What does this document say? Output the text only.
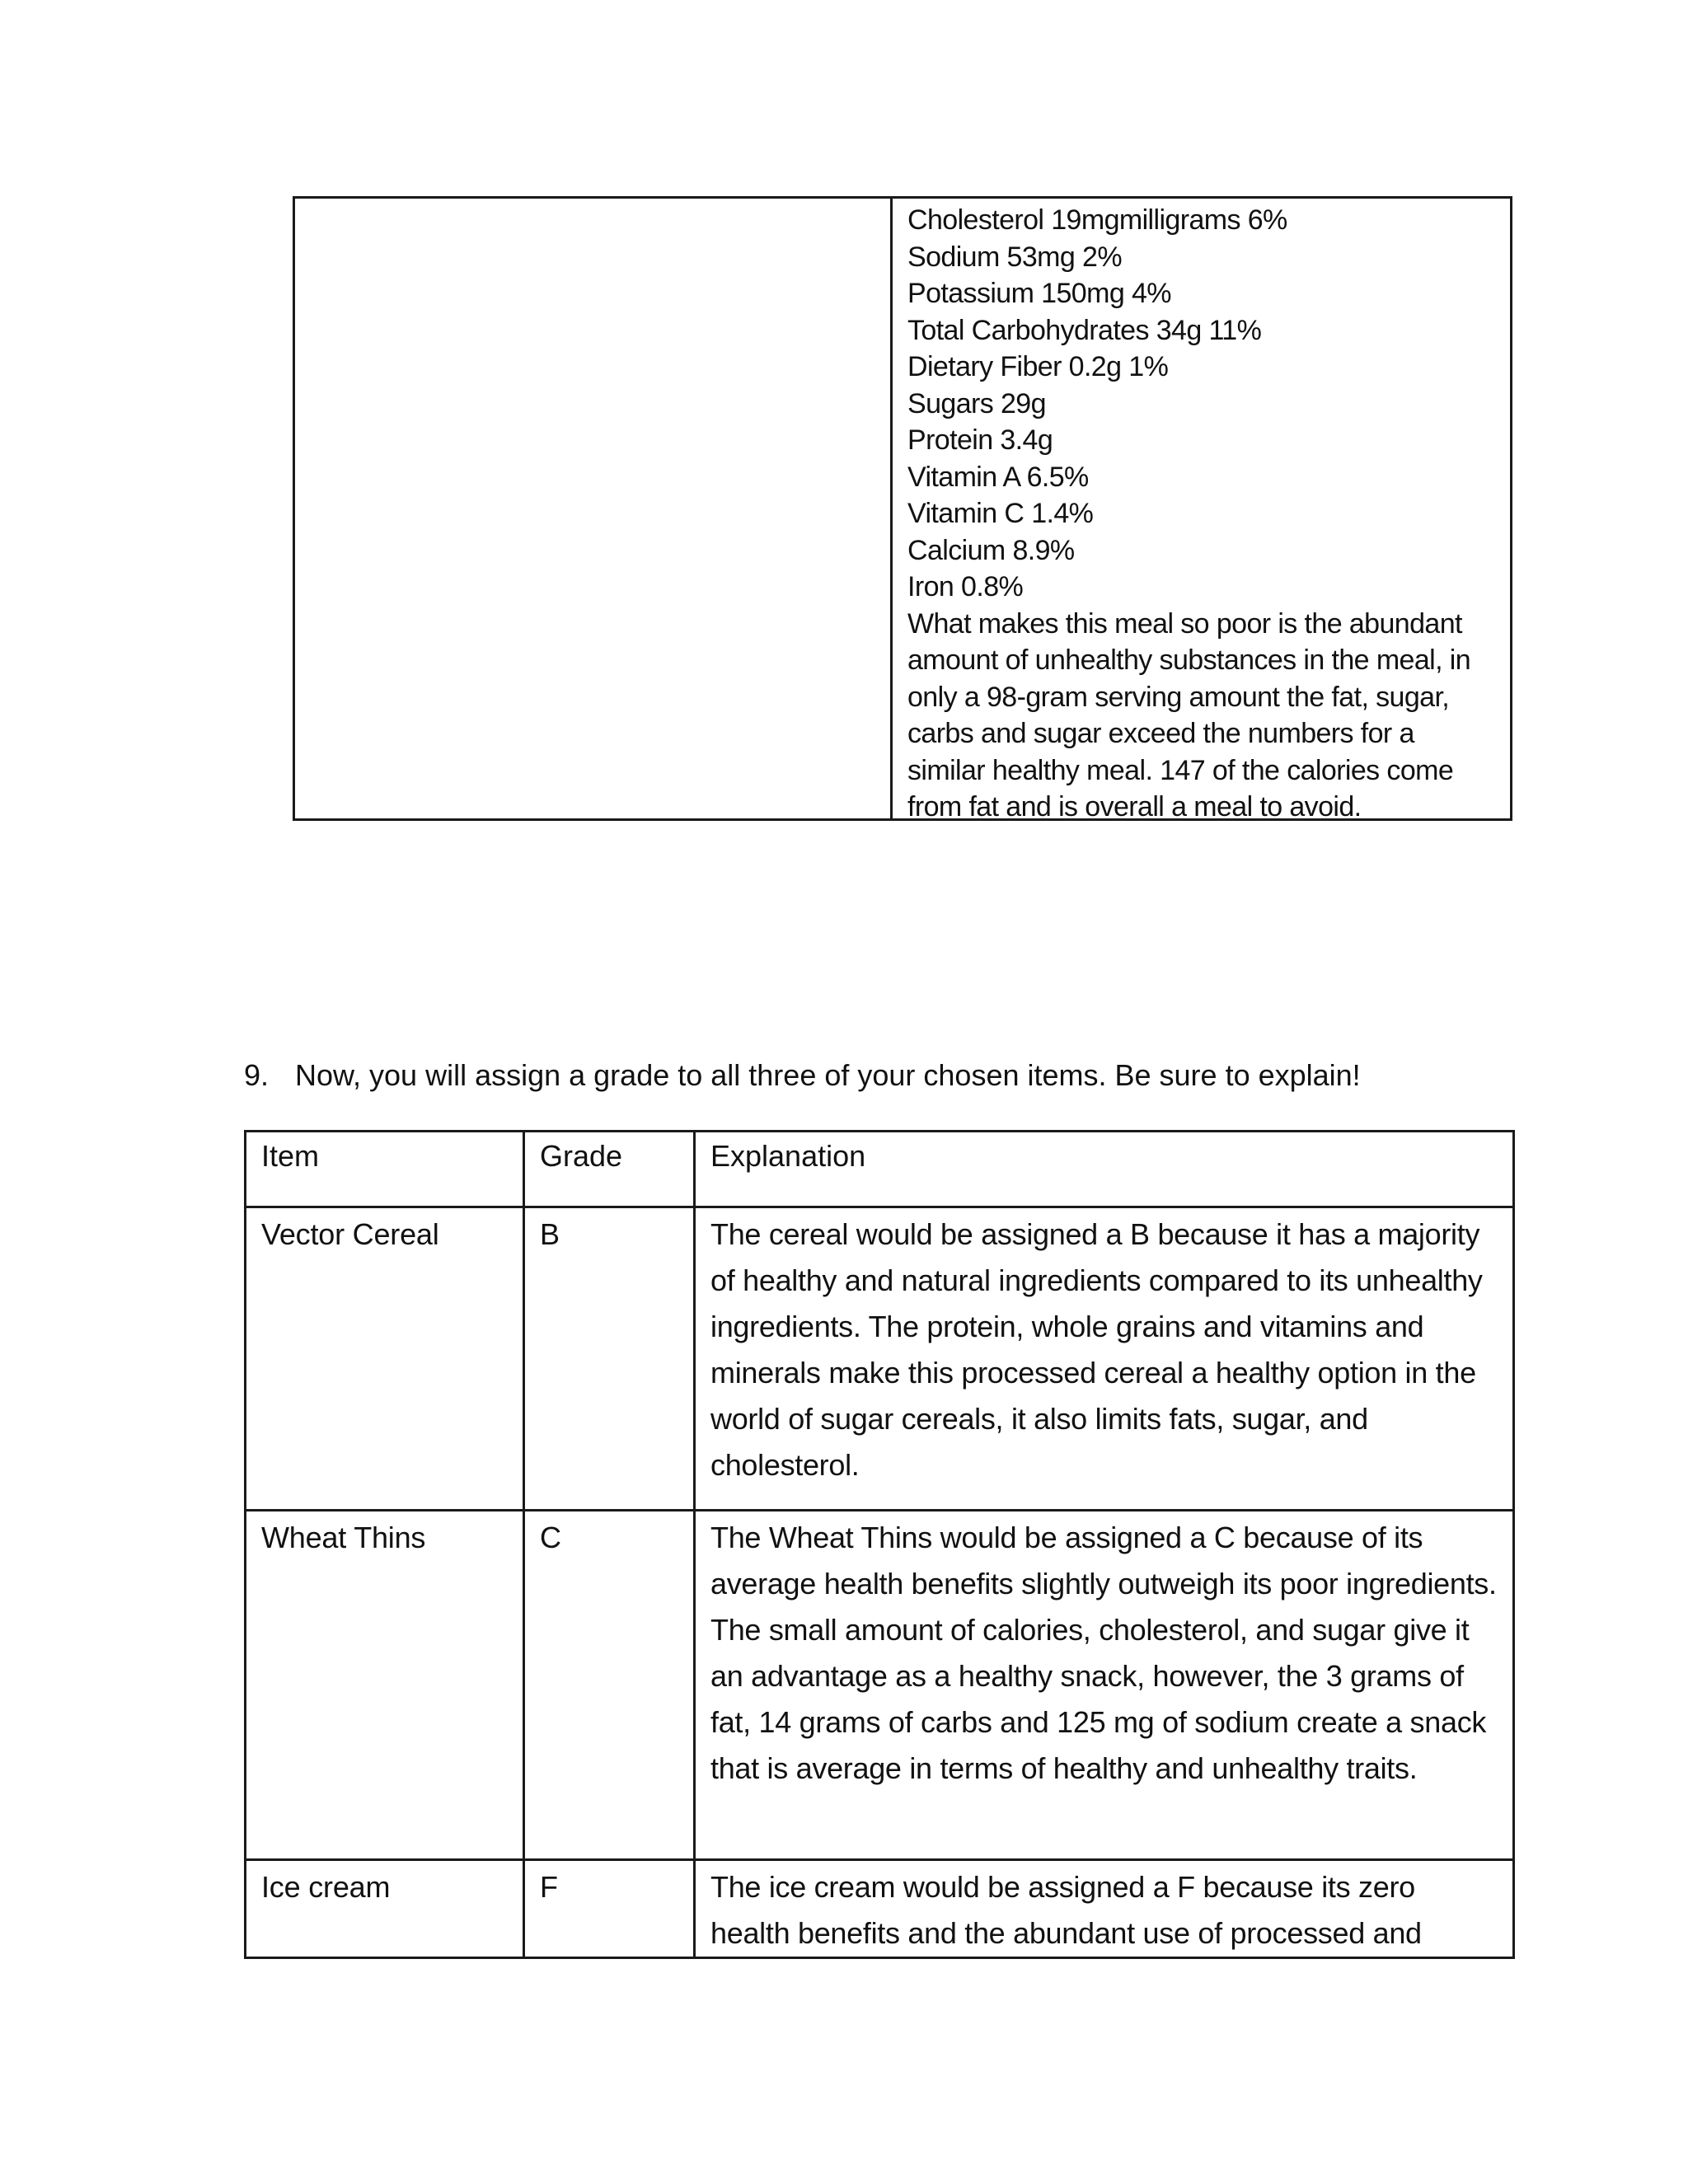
Cholesterol 19mgmilligrams 6%
Sodium 53mg 2%
Potassium 150mg 4%
Total Carbohydrates 34g 11%
Dietary Fiber 0.2g 1%
Sugars 29g
Protein 3.4g
Vitamin A 6.5%
Vitamin C 1.4%
Calcium 8.9%
Iron 0.8%

What makes this meal so poor is the abundant amount of unhealthy substances in the meal, in only a 98-gram serving amount the fat, sugar, carbs and sugar exceed the numbers for a similar healthy meal. 147 of the calories come from fat and is overall a meal to avoid.

9. Now, you will assign a grade to all three of your chosen items. Be sure to explain!
Item	Grade	Explanation
Vector Cereal	B	The cereal would be assigned a B because it has a majority of healthy and natural ingredients compared to its unhealthy ingredients. The protein, whole grains and vitamins and minerals make this processed cereal a healthy option in the world of sugar cereals, it also limits fats, sugar, and cholesterol.
Wheat Thins	C	The Wheat Thins would be assigned a C because of its average health benefits slightly outweigh its poor ingredients. The small amount of calories, cholesterol, and sugar give it an advantage as a healthy snack, however, the 3 grams of fat, 14 grams of carbs and 125 mg of sodium create a snack that is average in terms of healthy and unhealthy traits.
Ice cream	F	The ice cream would be assigned a F because its zero health benefits and the abundant use of processed and
